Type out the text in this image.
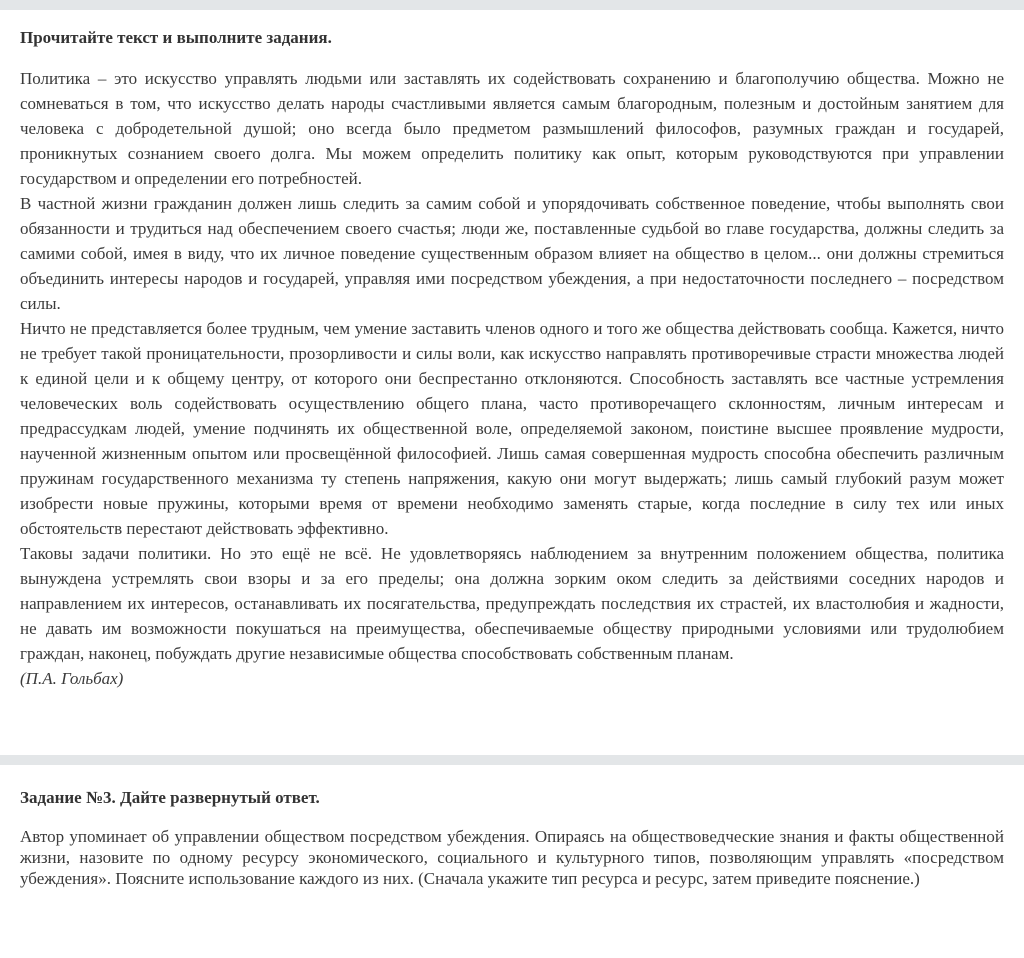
Прочитайте текст и выполните задания.

Политика – это искусство управлять людьми или заставлять их содействовать сохранению и благополучию общества. Можно не сомневаться в том, что искусство делать народы счастливыми является самым благородным, полезным и достойным занятием для человека с добродетельной душой; оно всегда было предметом размышлений философов, разумных граждан и государей, проникнутых сознанием своего долга. Мы можем определить политику как опыт, которым руководствуются при управлении государством и определении его потребностей.

В частной жизни гражданин должен лишь следить за самим собой и упорядочивать собственное поведение, чтобы выполнять свои обязанности и трудиться над обеспечением своего счастья; люди же, поставленные судьбой во главе государства, должны следить за самими собой, имея в виду, что их личное поведение существенным образом влияет на общество в целом... они должны стремиться объединить интересы народов и государей, управляя ими посредством убеждения, а при недостаточности последнего – посредством силы.

Ничто не представляется более трудным, чем умение заставить членов одного и того же общества действовать сообща. Кажется, ничто не требует такой проницательности, прозорливости и силы воли, как искусство направлять противоречивые страсти множества людей к единой цели и к общему центру, от которого они беспрестанно отклоняются. Способность заставлять все частные устремления человеческих воль содействовать осуществлению общего плана, часто противоречащего склонностям, личным интересам и предрассудкам людей, умение подчинять их общественной воле, определяемой законом, поистине высшее проявление мудрости, наученной жизненным опытом или просвещённой философией. Лишь самая совершенная мудрость способна обеспечить различным пружинам государственного механизма ту степень напряжения, какую они могут выдержать; лишь самый глубокий разум может изобрести новые пружины, которыми время от времени необходимо заменять старые, когда последние в силу тех или иных обстоятельств перестают действовать эффективно.

Таковы задачи политики. Но это ещё не всё. Не удовлетворяясь наблюдением за внутренним положением общества, политика вынуждена устремлять свои взоры и за его пределы; она должна зорким оком следить за действиями соседних народов и направлением их интересов, останавливать их посягательства, предупреждать последствия их страстей, их властолюбия и жадности, не давать им возможности покушаться на преимущества, обеспечиваемые обществу природными условиями или трудолюбием граждан, наконец, побуждать другие независимые общества способствовать собственным планам.

(П.А. Гольбах)

Задание №3. Дайте развернутый ответ.

Автор упоминает об управлении обществом посредством убеждения. Опираясь на обществоведческие знания и факты общественной жизни, назовите по одному ресурсу экономического, социального и культурного типов, позволяющим управлять «посредством убеждения». Поясните использование каждого из них. (Сначала укажите тип ресурса и ресурс, затем приведите пояснение.)
